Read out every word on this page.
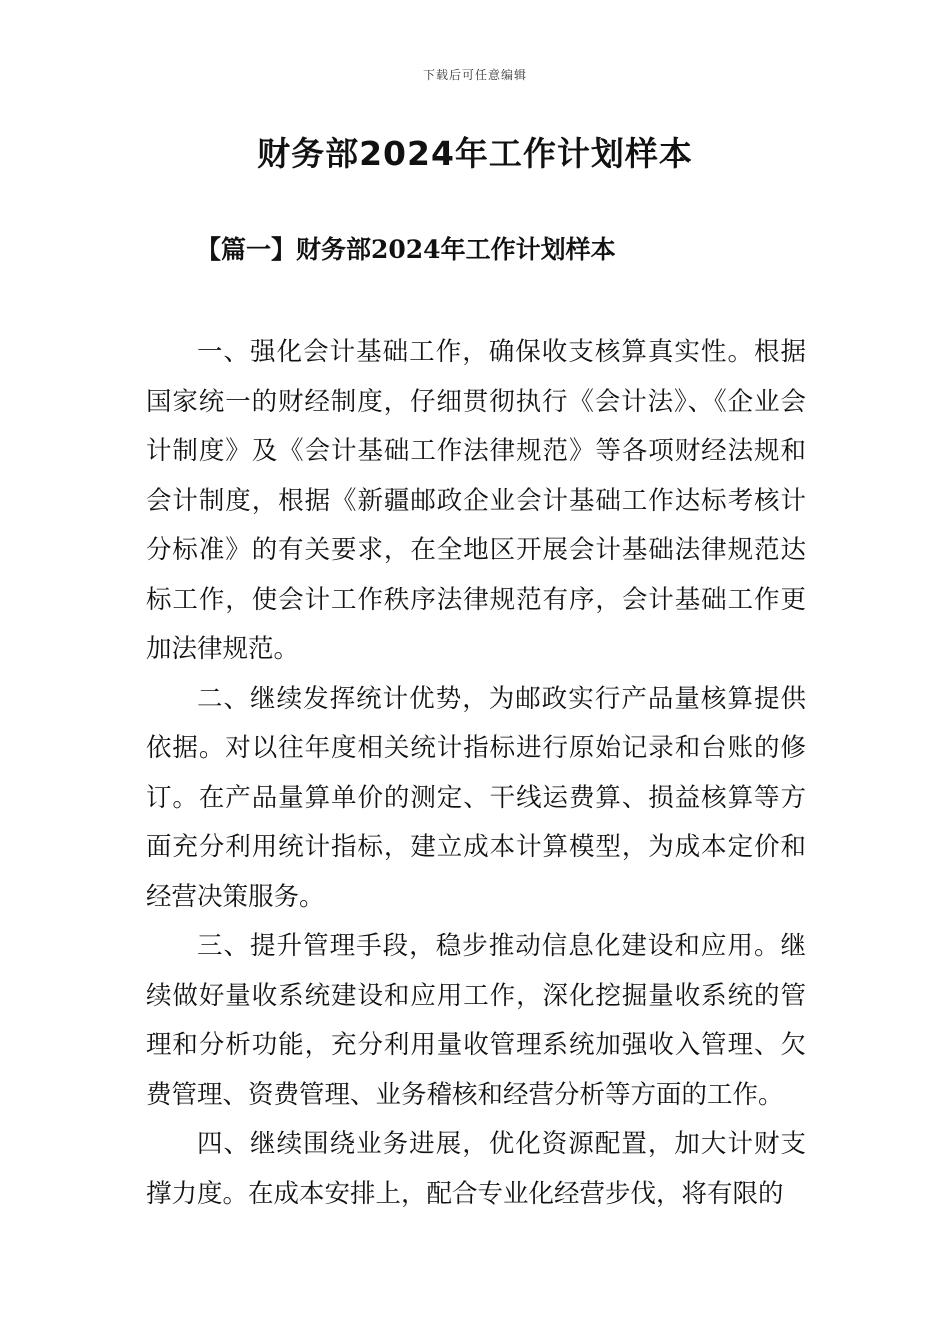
下载后可任意编辑
财务部2024年工作计划样本
【篇一】财务部2024年工作计划样本

一、强化会计基础工作，确保收支核算真实性。根据国家统一的财经制度，仔细贯彻执行《会计法》、《企业会计制度》及《会计基础工作法律规范》等各项财经法规和会计制度，根据《新疆邮政企业会计基础工作达标考核计分标准》的有关要求，在全地区开展会计基础法律规范达标工作，使会计工作秩序法律规范有序，会计基础工作更加法律规范。

二、继续发挥统计优势，为邮政实行产品量核算提供依据。对以往年度相关统计指标进行原始记录和台账的修订。在产品量算单价的测定、干线运费算、损益核算等方面充分利用统计指标，建立成本计算模型，为成本定价和经营决策服务。

三、提升管理手段，稳步推动信息化建设和应用。继续做好量收系统建设和应用工作，深化挖掘量收系统的管理和分析功能，充分利用量收管理系统加强收入管理、欠费管理、资费管理、业务稽核和经营分析等方面的工作。

四、继续围绕业务进展，优化资源配置，加大计财支撑力度。在成本安排上，配合专业化经营步伐，将有限的
